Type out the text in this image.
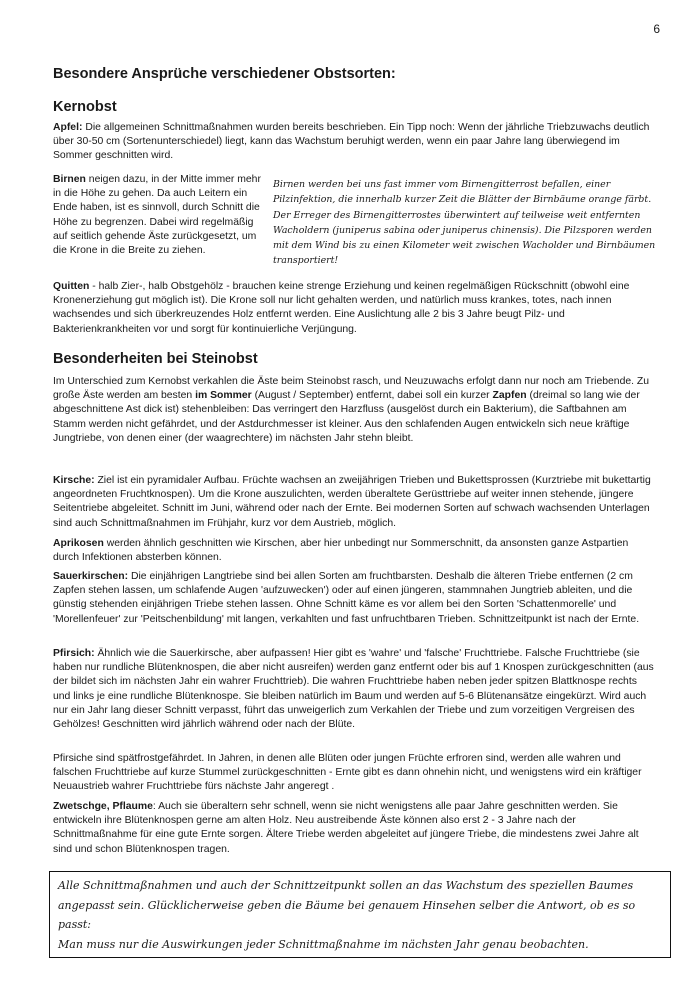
6
Besondere Ansprüche verschiedener Obstsorten:
Kernobst
Apfel: Die allgemeinen Schnittmaßnahmen wurden bereits beschrieben. Ein Tipp noch: Wenn der jährliche Triebzuwachs deutlich über 30-50 cm (Sortenunterschiedel) liegt, kann das Wachstum beruhigt werden, wenn ein paar Jahre lang überwiegend im Sommer geschnitten wird.
Birnen neigen dazu, in der Mitte immer mehr in die Höhe zu gehen. Da auch Leitern ein Ende haben, ist es sinnvoll, durch Schnitt die Höhe zu begrenzen. Dabei wird regelmäßig auf seitlich gehende Äste zurückgesetzt, um die Krone in die Breite zu ziehen.
Birnen werden bei uns fast immer vom Birnengitterrost befallen, einer Pilzinfektion, die innerhalb kurzer Zeit die Blätter der Birnbäume orange färbt. Der Erreger des Birnengitterrostes überwintert auf teilweise weit entfernten Wacholdern (juniperus sabina oder juniperus chinensis). Die Pilzsporen werden mit dem Wind bis zu einen Kilometer weit zwischen Wacholder und Birnbäumen transportiert!
Quitten - halb Zier-, halb Obstgehölz - brauchen keine strenge Erziehung und keinen regelmäßigen Rückschnitt (obwohl eine Kronenerziehung gut möglich ist). Die Krone soll nur licht gehalten werden, und natürlich muss krankes, totes, nach innen wachsendes und sich überkreuzendes Holz entfernt werden. Eine Auslichtung alle 2 bis 3 Jahre beugt Pilz- und Bakterienkrankheiten vor und sorgt für kontinuierliche Verjüngung.
Besonderheiten bei Steinobst
Im Unterschied zum Kernobst verkahlen die Äste beim Steinobst rasch, und Neuzuwachs erfolgt dann nur noch am Triebende. Zu große Äste werden am besten im Sommer (August / September) entfernt, dabei soll ein kurzer Zapfen (dreimal so lang wie der abgeschnittene Ast dick ist) stehenbleiben: Das verringert den Harzfluss (ausgelöst durch ein Bakterium), die Saftbahnen am Stamm werden nicht gefährdet, und der Astdurchmesser ist kleiner. Aus den schlafenden Augen entwickeln sich neue kräftige Jungtriebe, von denen einer (der waagrechtere) im nächsten Jahr stehn bleibt.
Kirsche: Ziel ist ein pyramidaler Aufbau. Früchte wachsen an zweijährigen Trieben und Bukettsprossen (Kurztriebe mit bukettartig angeordneten Fruchtknospen). Um die Krone auszulichten, werden überaltete Gerüsttriebe auf weiter innen stehende, jüngere Seitentriebe abgeleitet. Schnitt im Juni, während oder nach der Ernte. Bei modernen Sorten auf schwach wachsenden Unterlagen sind auch Schnittmaßnahmen im Frühjahr, kurz vor dem Austrieb, möglich.
Aprikosen werden ähnlich geschnitten wie Kirschen, aber hier unbedingt nur Sommerschnitt, da ansonsten ganze Astpartien durch Infektionen absterben können.
Sauerkirschen: Die einjährigen Langtriebe sind bei allen Sorten am fruchtbarsten. Deshalb die älteren Triebe entfernen (2 cm Zapfen stehen lassen, um schlafende Augen 'aufzuwecken') oder auf einen jüngeren, stammnahen Jungtrieb ableiten, und die günstig stehenden einjährigen Triebe stehen lassen. Ohne Schnitt käme es vor allem bei den Sorten 'Schattenmorelle' und 'Morellenfeuer' zur 'Peitschenbildung' mit langen, verkahlten und fast unfruchtbaren Trieben. Schnittzeitpunkt ist nach der Ernte.
Pfirsich: Ähnlich wie die Sauerkirsche, aber aufpassen! Hier gibt es 'wahre' und 'falsche' Fruchttriebe. Falsche Fruchttriebe (sie haben nur rundliche Blütenknospen, die aber nicht ausreifen) werden ganz entfernt oder bis auf 1 Knospen zurückgeschnitten (aus der bildet sich im nächsten Jahr ein wahrer Fruchttrieb). Die wahren Fruchttriebe haben neben jeder spitzen Blattknospe rechts und links je eine rundliche Blütenknospe. Sie bleiben natürlich im Baum und werden auf 5-6 Blütenansätze eingekürzt. Wird auch nur ein Jahr lang dieser Schnitt verpasst, führt das unweigerlich zum Verkahlen der Triebe und zum vorzeitigen Vergreisen des Gehölzes! Geschnitten wird jährlich während oder nach der Blüte.
Pfirsiche sind spätfrostgefährdet. In Jahren, in denen alle Blüten oder jungen Früchte erfroren sind, werden alle wahren und falschen Fruchttriebe auf kurze Stummel zurückgeschnitten - Ernte gibt es dann ohnehin nicht, und wenigstens wird ein kräftiger Neuaustrieb wahrer Fruchttriebe fürs nächste Jahr angeregt .
Zwetschge, Pflaume: Auch sie überaltern sehr schnell, wenn sie nicht wenigstens alle paar Jahre geschnitten werden. Sie entwickeln ihre Blütenknospen gerne am alten Holz. Neu austreibende Äste können also erst 2 - 3 Jahre nach der Schnittmaßnahme für eine gute Ernte sorgen. Ältere Triebe werden abgeleitet auf jüngere Triebe, die mindestens zwei Jahre alt sind und schon Blütenknospen tragen.
Alle Schnittmaßnahmen und auch der Schnittzeitpunkt sollen an das Wachstum des speziellen Baumes angepasst sein. Glücklicherweise geben die Bäume bei genauem Hinsehen selber die Antwort, ob es so passt:
Man muss nur die Auswirkungen jeder Schnittmaßnahme im nächsten Jahr genau beobachten.
